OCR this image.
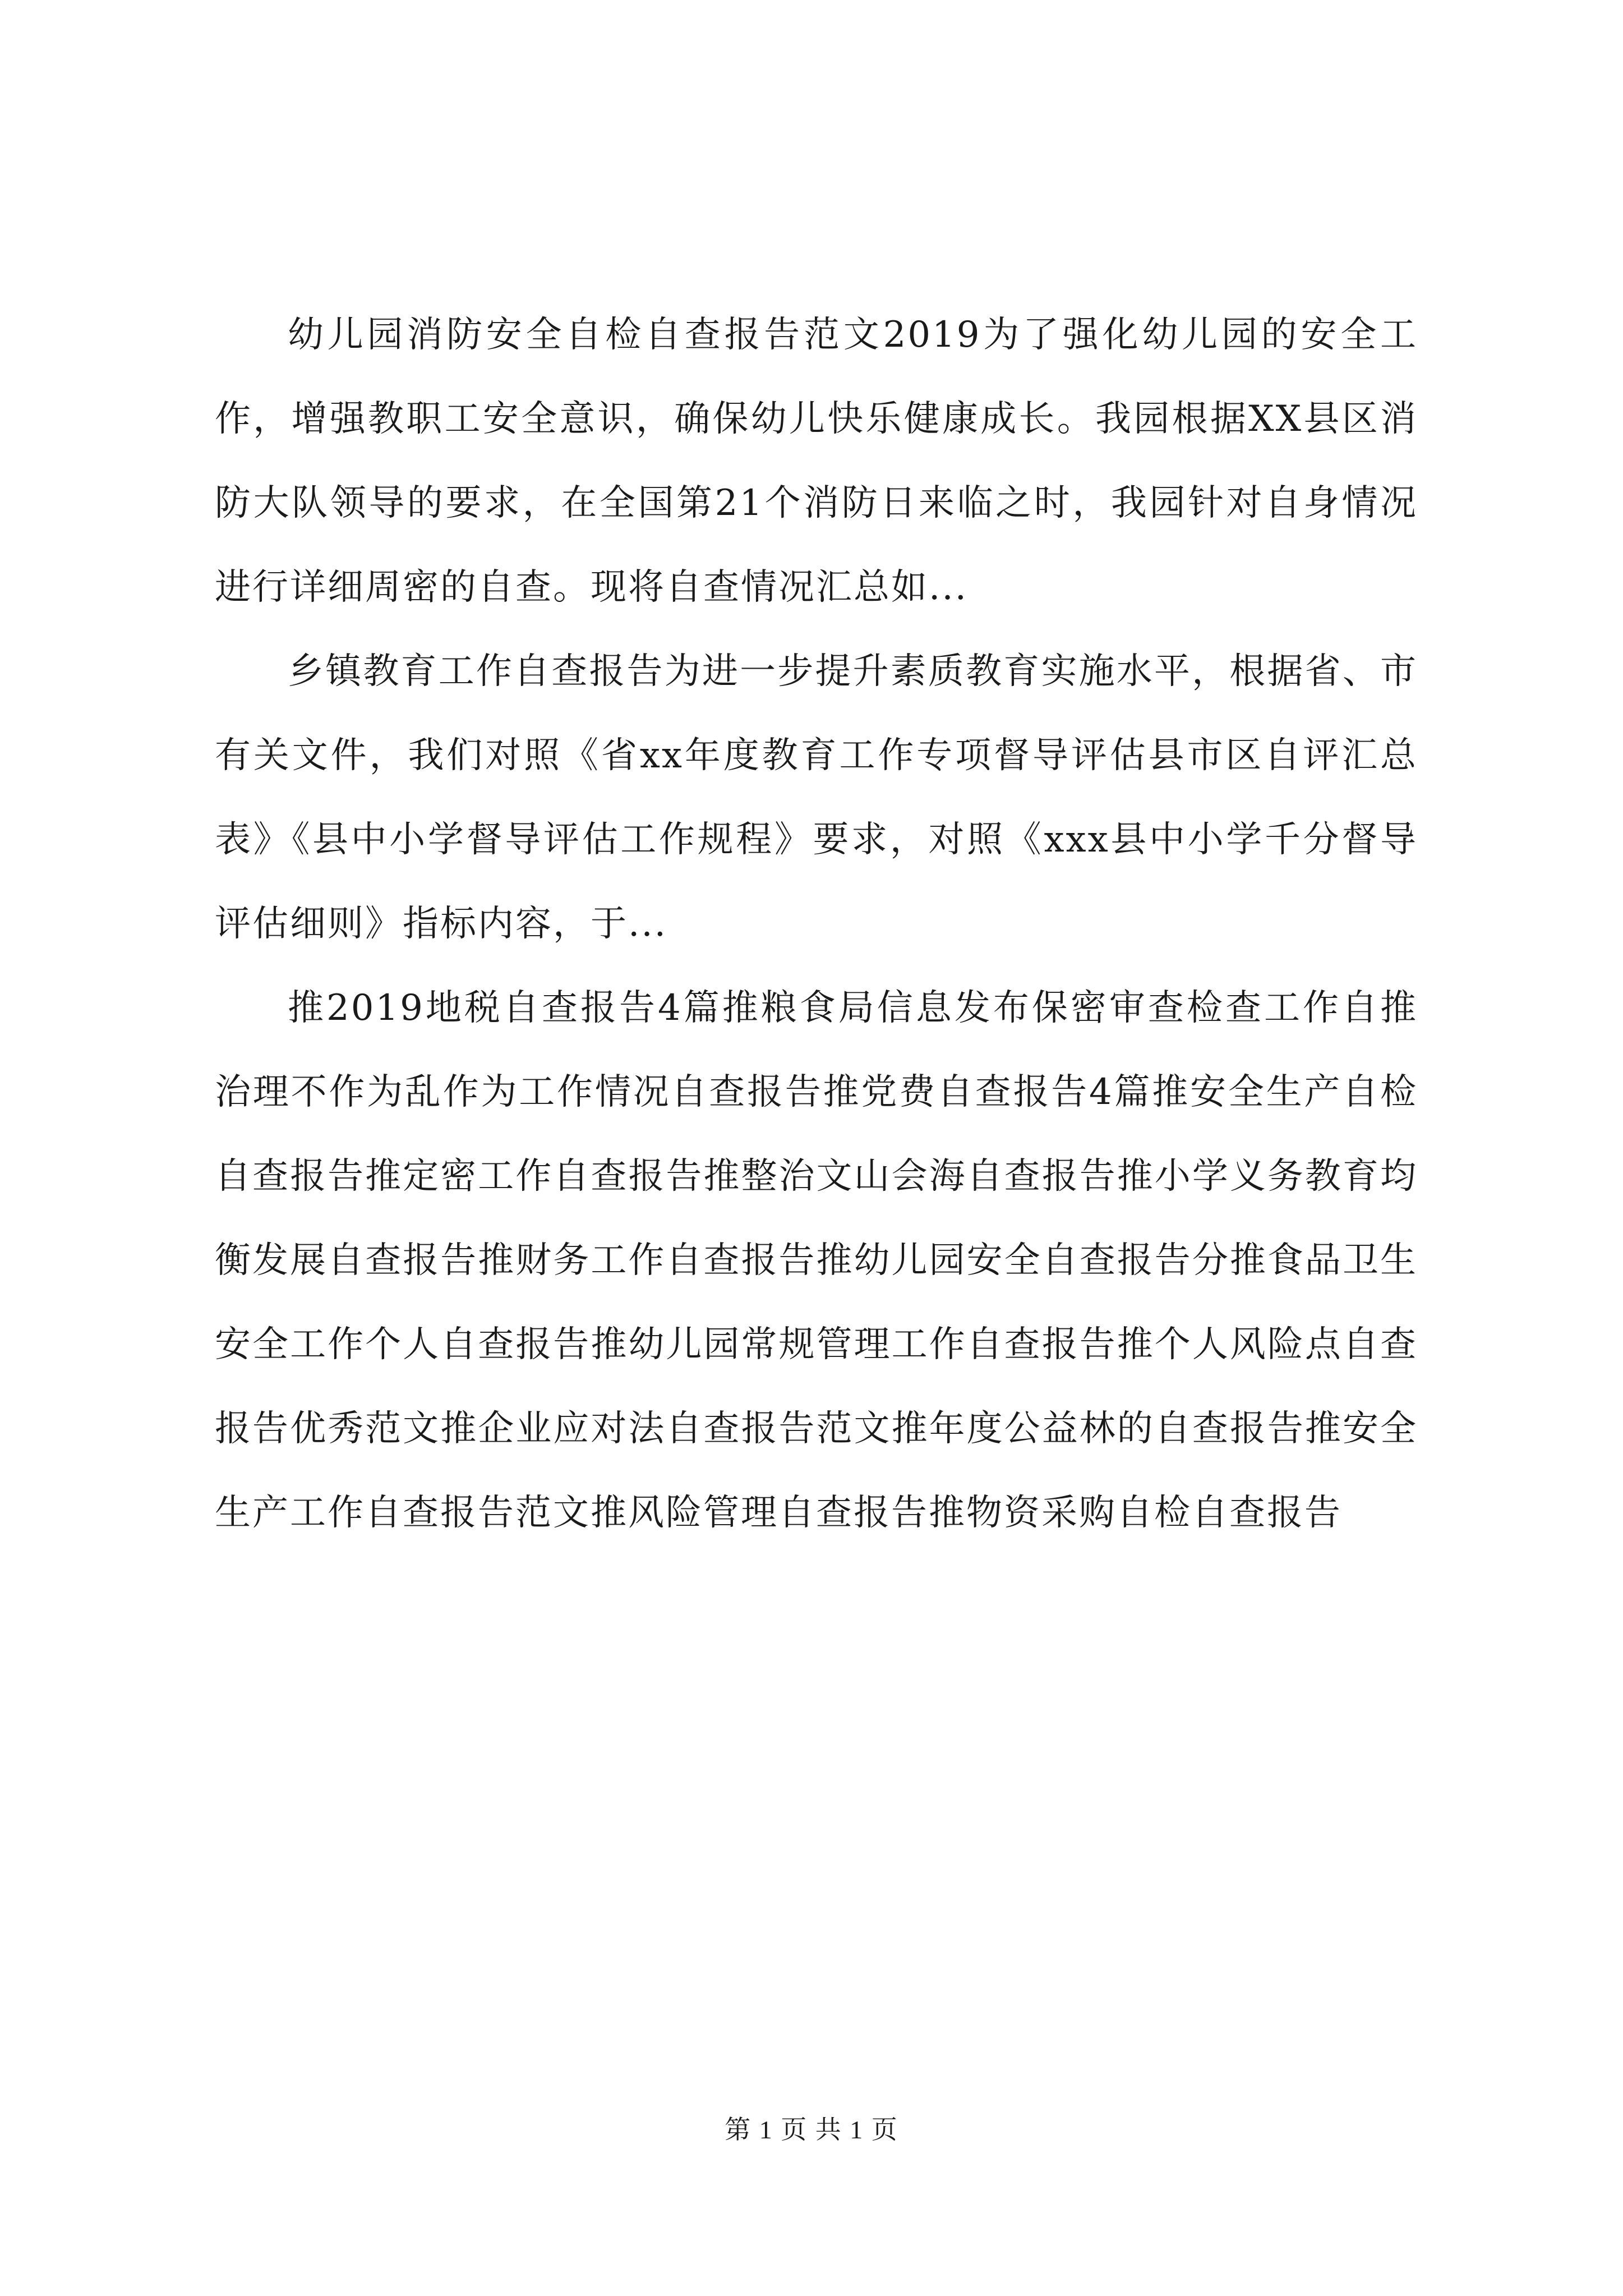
幼儿园消防安全自检自查报告范文2019为了强化幼儿园的安全工作，增强教职工安全意识，确保幼儿快乐健康成长。我园根据XX县区消防大队领导的要求，在全国第21个消防日来临之时，我园针对自身情况进行详细周密的自查。现将自查情况汇总如...

乡镇教育工作自查报告为进一步提升素质教育实施水平，根据省、市有关文件，我们对照《省xx年度教育工作专项督导评估县市区自评汇总表》《县中小学督导评估工作规程》要求，对照《xxx县中小学千分督导评估细则》指标内容，于...

推2019地税自查报告4篇推粮食局信息发布保密审查检查工作自推治理不作为乱作为工作情况自查报告推党费自查报告4篇推安全生产自检自查报告推定密工作自查报告推整治文山会海自查报告推小学义务教育均衡发展自查报告推财务工作自查报告推幼儿园安全自查报告分推食品卫生安全工作个人自查报告推幼儿园常规管理工作自查报告推个人风险点自查报告优秀范文推企业应对法自查报告范文推年度公益林的自查报告推安全生产工作自查报告范文推风险管理自查报告推物资采购自检自查报告

第 1 页 共 1 页
